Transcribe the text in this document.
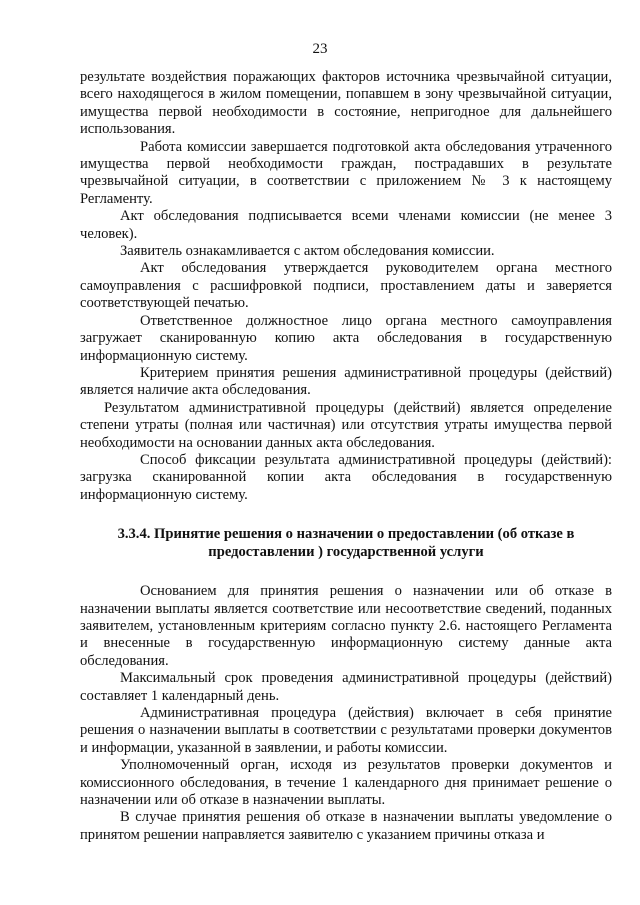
23

результате воздействия поражающих факторов источника чрезвычайной ситуации, всего находящегося в жилом помещении, попавшем в зону чрезвычайной ситуации, имущества первой необходимости в состояние, непригодное для дальнейшего использования.

Работа комиссии завершается подготовкой акта обследования утраченного имущества первой необходимости граждан, пострадавших в результате чрезвычайной ситуации, в соответствии с приложением № 3 к настоящему Регламенту.

Акт обследования подписывается всеми членами комиссии (не менее 3 человек).

Заявитель ознакамливается с актом обследования комиссии.

Акт обследования утверждается руководителем органа местного самоуправления с расшифровкой подписи, проставлением даты и заверяется соответствующей печатью.

Ответственное должностное лицо органа местного самоуправления загружает сканированную копию акта обследования в государственную информационную систему.

Критерием принятия решения административной процедуры (действий) является наличие акта обследования.

Результатом административной процедуры (действий) является определение степени утраты (полная или частичная) или отсутствия утраты имущества первой необходимости на основании данных акта обследования.

Способ фиксации результата административной процедуры (действий): загрузка сканированной копии акта обследования в государственную информационную систему.

3.3.4. Принятие решения о назначении о предоставлении (об отказе в
предоставлении ) государственной услуги

Основанием для принятия решения о назначении или об отказе в назначении выплаты является соответствие или несоответствие сведений, поданных заявителем, установленным критериям согласно пункту 2.6. настоящего Регламента и внесенные в государственную информационную систему данные акта обследования.

Максимальный срок проведения административной процедуры (действий) составляет 1 календарный день.

Административная процедура (действия) включает в себя принятие решения о назначении выплаты в соответствии с результатами проверки документов и информации, указанной в заявлении, и работы комиссии.

Уполномоченный орган, исходя из результатов проверки документов и комиссионного обследования, в течение 1 календарного дня принимает решение о назначении или об отказе в назначении выплаты.

В случае принятия решения об отказе в назначении выплаты уведомление о принятом решении направляется заявителю с указанием причины отказа и
